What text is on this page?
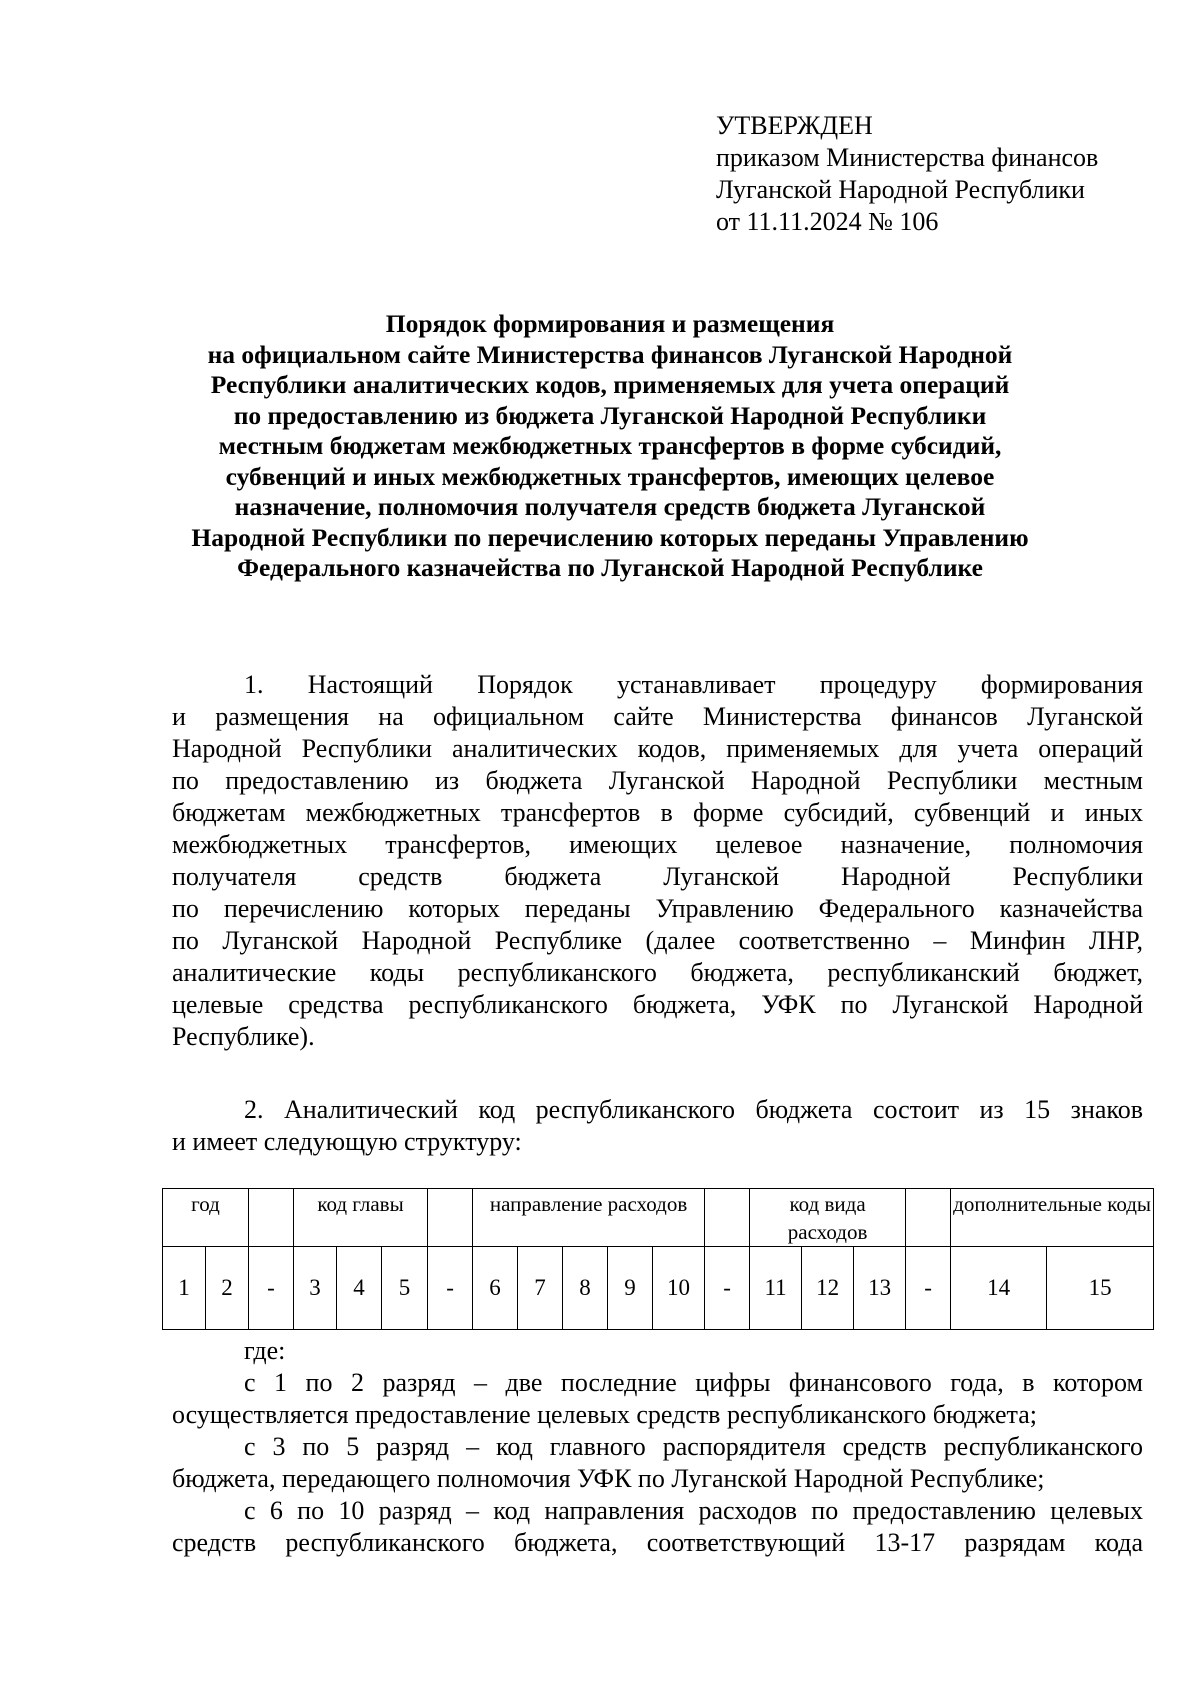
УТВЕРЖДЕН
приказом Министерства финансов
Луганской Народной Республики
от 11.11.2024 № 106
Порядок формирования и размещения
на официальном сайте Министерства финансов Луганской Народной
Республики аналитических кодов, применяемых для учета операций
по предоставлению из бюджета Луганской Народной Республики
местным бюджетам межбюджетных трансфертов в форме субсидий,
субвенций и иных межбюджетных трансфертов, имеющих целевое
назначение, полномочия получателя средств бюджета Луганской
Народной Республики по перечислению которых переданы Управлению
Федерального казначейства по Луганской Народной Республике
1. Настоящий Порядок устанавливает процедуру формирования
и размещения на официальном сайте Министерства финансов Луганской
Народной Республики аналитических кодов, применяемых для учета операций
по предоставлению из бюджета Луганской Народной Республики местным
бюджетам межбюджетных трансфертов в форме субсидий, субвенций и иных
межбюджетных трансфертов, имеющих целевое назначение, полномочия
получателя средств бюджета Луганской Народной Республики
по перечислению которых переданы Управлению Федерального казначейства
по Луганской Народной Республике (далее соответственно – Минфин ЛНР,
аналитические коды республиканского бюджета, республиканский бюджет,
целевые средства республиканского бюджета, УФК по Луганской Народной
Республике).
2. Аналитический код республиканского бюджета состоит из 15 знаков
и имеет следующую структуру:
год			код главы				направление расходов						код вида расходов				дополнительные коды	
1	2	-	3	4	5	-	6	7	8	9	10	-	11	12	13	-	14	15
где:
с 1 по 2 разряд – две последние цифры финансового года, в котором
осуществляется предоставление целевых средств республиканского бюджета;
с 3 по 5 разряд – код главного распорядителя средств республиканского
бюджета, передающего полномочия УФК по Луганской Народной Республике;
с 6 по 10 разряд – код направления расходов по предоставлению целевых
средств республиканского бюджета, соответствующий 13-17 разрядам кода
